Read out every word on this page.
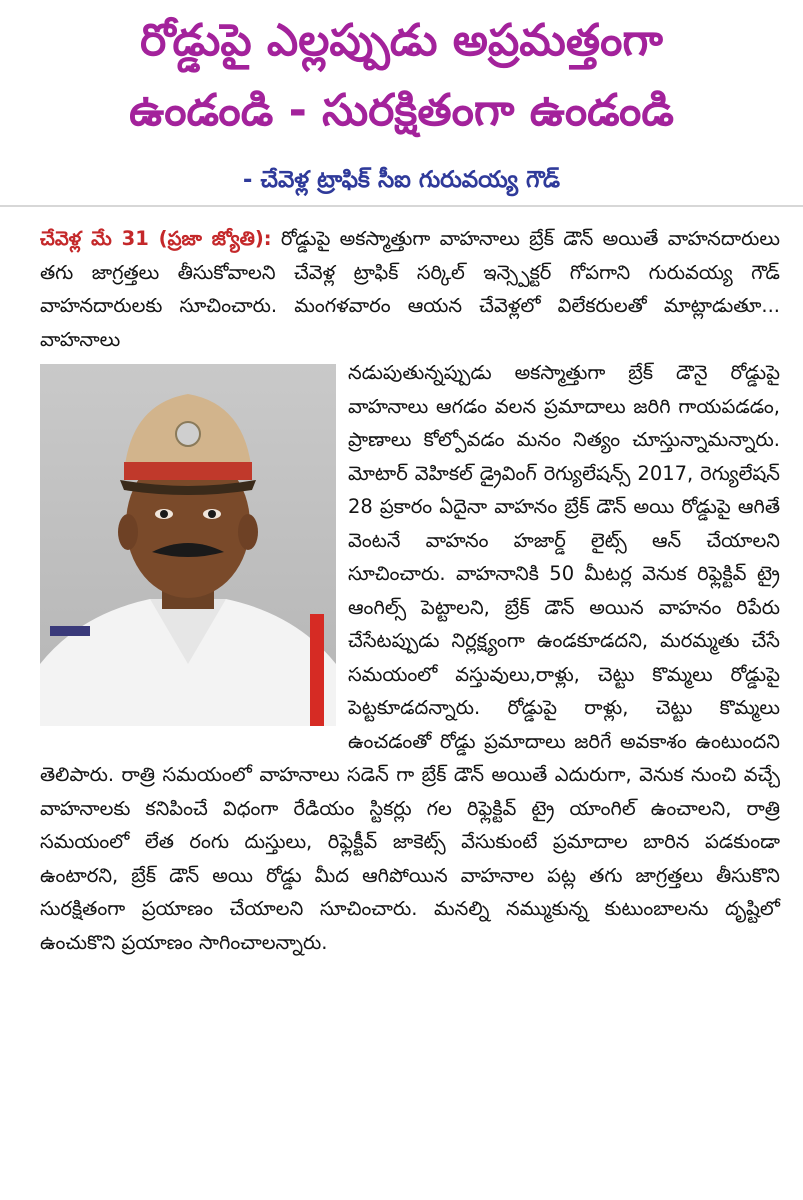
రోడ్డుపై ఎల్లప్పుడు అప్రమత్తంగా
ఉండండి - సురక్షితంగా ఉండండి
- చేవెళ్ల ట్రాఫిక్ సీఐ గురువయ్య గౌడ్
చేవెళ్ల మే 31 (ప్రజా జ్యోతి): రోడ్డుపై అకస్మాత్తుగా వాహనాలు బ్రేక్ డౌన్ అయితే వాహనదారులు తగు జాగ్రత్తలు తీసుకోవాలని చేవెళ్ల ట్రాఫిక్ సర్కిల్ ఇన్స్పెక్టర్ గోపగాని గురువయ్య గౌడ్ వాహనదారులకు సూచించారు. మంగళవారం ఆయన చేవెళ్లలో విలేకరులతో మాట్లాడుతూ... వాహనాలు
నడుపుతున్నప్పుడు అకస్మాత్తుగా బ్రేక్ డౌనై రోడ్డుపై వాహనాలు ఆగడం వలన ప్రమాదాలు జరిగి గాయపడడం, ప్రాణాలు కోల్పోవడం మనం నిత్యం చూస్తున్నామన్నారు. మోటార్ వెహికల్ డ్రైవింగ్ రెగ్యులేషన్స్ 2017, రెగ్యులేషన్ 28 ప్రకారం ఏదైనా వాహనం బ్రేక్ డౌన్ అయి రోడ్డుపై ఆగితే వెంటనే వాహనం హజార్డ్ లైట్స్ ఆన్ చేయాలని సూచించారు. వాహనానికి 50 మీటర్ల వెనుక రిఫ్లెక్టివ్ ట్రై ఆంగిల్స్ పెట్టాలని, బ్రేక్ డౌన్ అయిన వాహనం రిపేరు చేసేటప్పుడు నిర్లక్ష్యంగా ఉండకూడదని, మరమ్మతు చేసే సమయంలో వస్తువులు,రాళ్లు, చెట్టు కొమ్మలు రోడ్డుపై పెట్టకూడదన్నారు. రోడ్డుపై రాళ్లు, చెట్టు కొమ్మలు ఉంచడంతో రోడ్డు ప్రమాదాలు జరిగే అవకాశం ఉంటుందని తెలిపారు. రాత్రి సమయంలో వాహనాలు సడెన్ గా బ్రేక్ డౌన్ అయితే ఎదురుగా, వెనుక నుంచి వచ్చే వాహనాలకు కనిపించే విధంగా రేడియం స్టికర్లు గల రిఫ్లెక్టివ్ ట్రై యాంగిల్ ఉంచాలని, రాత్రి సమయంలో లేత రంగు దుస్తులు, రిఫ్లెక్టీవ్ జాకెట్స్ వేసుకుంటే ప్రమాదాల బారిన పడకుండా ఉంటారని, బ్రేక్ డౌన్ అయి రోడ్డు మీద ఆగిపోయిన వాహనాల పట్ల తగు జాగ్రత్తలు తీసుకొని సురక్షితంగా ప్రయాణం చేయాలని సూచించారు. మనల్ని నమ్ముకున్న కుటుంబాలను దృష్టిలో ఉంచుకొని ప్రయాణం సాగించాలన్నారు.
